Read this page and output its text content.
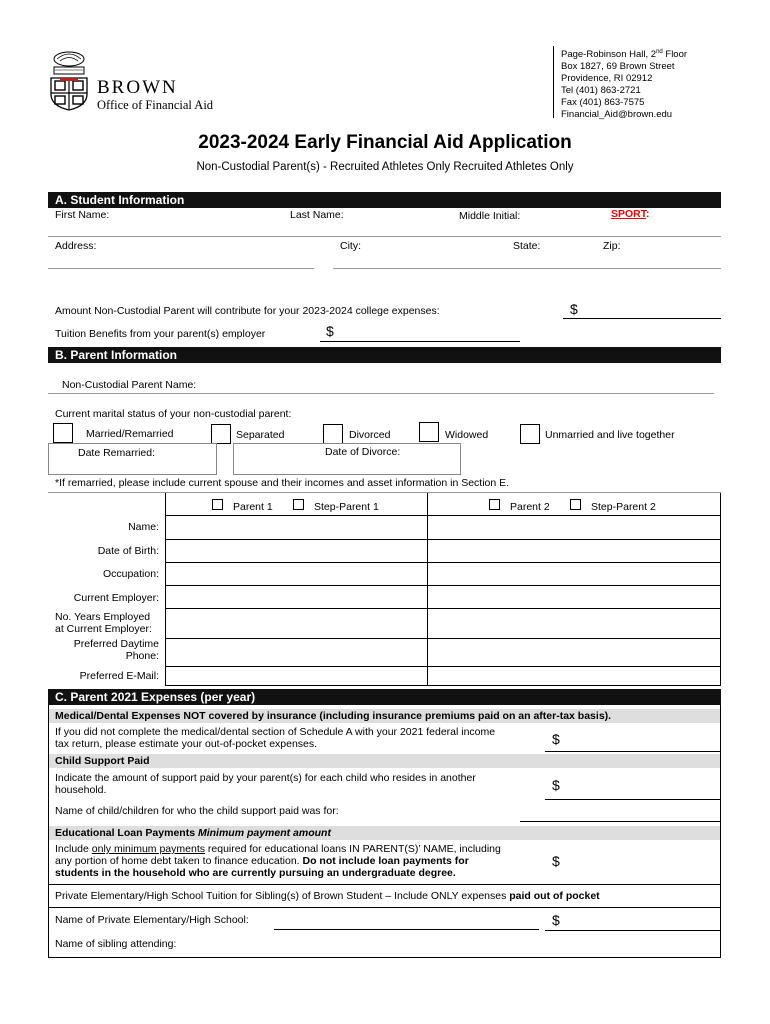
BROWN
Office of Financial Aid
Page-Robinson Hall, 2nd Floor
Box 1827, 69 Brown Street
Providence, RI 02912
Tel (401) 863-2721
Fax (401) 863-7575
Financial_Aid@brown.edu
2023-2024 Early Financial Aid Application
Non-Custodial Parent(s) - Recruited Athletes Only Recruited Athletes Only
A. Student Information
First Name:	Last Name:	Middle Initial:	SPORT:
Address:	City:	State:	Zip:
Amount Non-Custodial Parent will contribute for your 2023-2024 college expenses:	$
Tuition Benefits from your parent(s) employer	$
B. Parent Information
Non-Custodial Parent Name:
Current marital status of your non-custodial parent:
Married/Remarried	Separated	Divorced	Widowed	Unmarried and live together
Date Remarried:	Date of Divorce:
*If remarried, please include current spouse and their incomes and asset information in Section E.
Parent 1	Step-Parent 1	Parent 2	Step-Parent 2
Name:
Date of Birth:
Occupation:
Current Employer:
No. Years Employed
at Current Employer:
Preferred Daytime
Phone:
Preferred E-Mail:
C. Parent 2021 Expenses (per year)
Medical/Dental Expenses NOT covered by insurance (including insurance premiums paid on an after-tax basis).
If you did not complete the medical/dental section of Schedule A with your 2021 federal income
tax return, please estimate your out-of-pocket expenses.	$
Child Support Paid
Indicate the amount of support paid by your parent(s) for each child who resides in another
household.	$
Name of child/children for who the child support paid was for:
Educational Loan Payments Minimum payment amount
Include only minimum payments required for educational loans IN PARENT(S)’ NAME, including
any portion of home debt taken to finance education. Do not include loan payments for
students in the household who are currently pursuing an undergraduate degree.
$
Private Elementary/High School Tuition for Sibling(s) of Brown Student – Include ONLY expenses paid out of pocket
Name of Private Elementary/High School:	$
Name of sibling attending:
